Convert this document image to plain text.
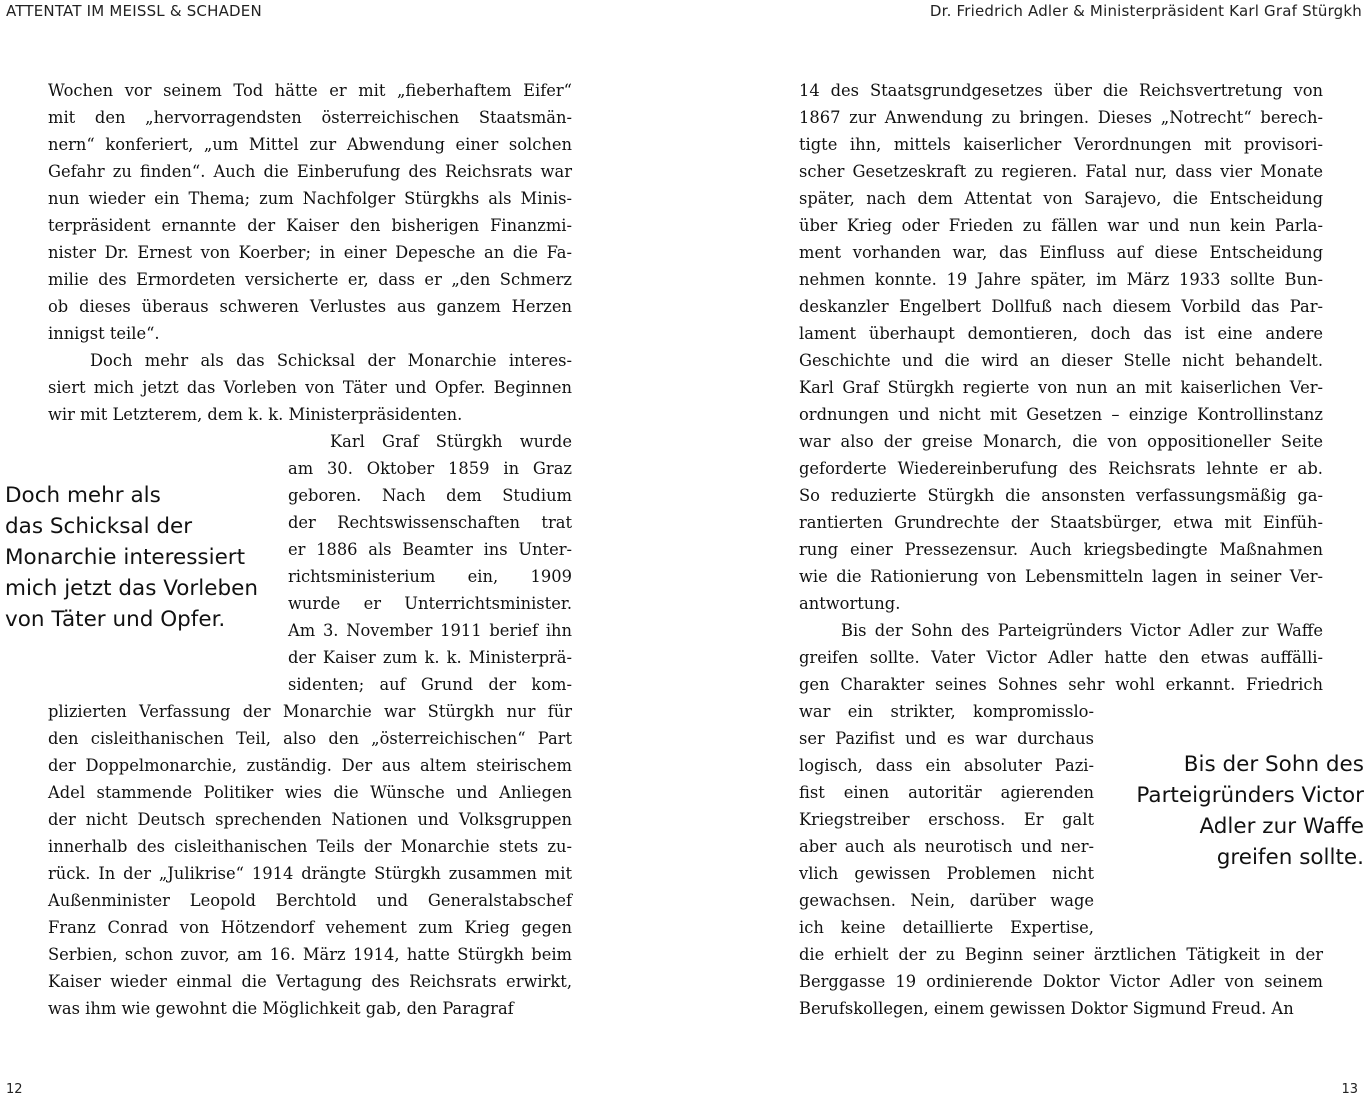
ATTENTAT IM MEISSL & SCHADEN	Dr. Friedrich Adler & Ministerpräsident Karl Graf Stürgkh
Wochen vor seinem Tod hätte er mit „fieberhaftem Eifer“
mit den „hervorragendsten österreichischen Staatsmän-
nern“ konferiert, „um Mittel zur Abwendung einer solchen
Gefahr zu finden“. Auch die Einberufung des Reichsrats war
nun wieder ein Thema; zum Nachfolger Stürgkhs als Minis-
terpräsident ernannte der Kaiser den bisherigen Finanzmi-
nister Dr. Ernest von Koerber; in einer Depesche an die Fa-
milie des Ermordeten versicherte er, dass er „den Schmerz
ob dieses überaus schweren Verlustes aus ganzem Herzen
innigst teile“.
Doch mehr als das Schicksal der Monarchie interes-
siert mich jetzt das Vorleben von Täter und Opfer. Beginnen
wir mit Letzterem, dem k. k. Ministerpräsidenten.
Karl Graf Stürgkh wurde
am 30. Oktober 1859 in Graz
geboren. Nach dem Studium
der Rechtswissenschaften trat
er 1886 als Beamter ins Unter-
richtsministerium ein, 1909
wurde er Unterrichtsminister.
Am 3. November 1911 berief ihn
der Kaiser zum k. k. Ministerprä-
sidenten; auf Grund der kom-
plizierten Verfassung der Monarchie war Stürgkh nur für
den cisleithanischen Teil, also den „österreichischen“ Part
der Doppelmonarchie, zuständig. Der aus altem steirischem
Adel stammende Politiker wies die Wünsche und Anliegen
der nicht Deutsch sprechenden Nationen und Volksgruppen
innerhalb des cisleithanischen Teils der Monarchie stets zu-
rück. In der „Julikrise“ 1914 drängte Stürgkh zusammen mit
Außenminister Leopold Berchtold und Generalstabschef
Franz Conrad von Hötzendorf vehement zum Krieg gegen
Serbien, schon zuvor, am 16. März 1914, hatte Stürgkh beim
Kaiser wieder einmal die Vertagung des Reichsrats erwirkt,
was ihm wie gewohnt die Möglichkeit gab, den Paragraf
14 des Staatsgrundgesetzes über die Reichsvertretung von
1867 zur Anwendung zu bringen. Dieses „Notrecht“ berech-
tigte ihn, mittels kaiserlicher Verordnungen mit provisori-
scher Gesetzeskraft zu regieren. Fatal nur, dass vier Monate
später, nach dem Attentat von Sarajevo, die Entscheidung
über Krieg oder Frieden zu fällen war und nun kein Parla-
ment vorhanden war, das Einfluss auf diese Entscheidung
nehmen konnte. 19 Jahre später, im März 1933 sollte Bun-
deskanzler Engelbert Dollfuß nach diesem Vorbild das Par-
lament überhaupt demontieren, doch das ist eine andere
Geschichte und die wird an dieser Stelle nicht behandelt.
Karl Graf Stürgkh regierte von nun an mit kaiserlichen Ver-
ordnungen und nicht mit Gesetzen – einzige Kontrollinstanz
war also der greise Monarch, die von oppositioneller Seite
geforderte Wiedereinberufung des Reichsrats lehnte er ab.
So reduzierte Stürgkh die ansonsten verfassungsmäßig ga-
rantierten Grundrechte der Staatsbürger, etwa mit Einfüh-
rung einer Pressezensur. Auch kriegsbedingte Maßnahmen
wie die Rationierung von Lebensmitteln lagen in seiner Ver-
antwortung.
Bis der Sohn des Parteigründers Victor Adler zur Waffe
greifen sollte. Vater Victor Adler hatte den etwas auffälli-
gen Charakter seines Sohnes sehr wohl erkannt. Friedrich
war ein strikter, kompromisslo-
ser Pazifist und es war durchaus
logisch, dass ein absoluter Pazi-
fist einen autoritär agierenden
Kriegstreiber erschoss. Er galt
aber auch als neurotisch und ner-
vlich gewissen Problemen nicht
gewachsen. Nein, darüber wage
ich keine detaillierte Expertise,
die erhielt der zu Beginn seiner ärztlichen Tätigkeit in der
Berggasse 19 ordinierende Doktor Victor Adler von seinem
Berufskollegen, einem gewissen Doktor Sigmund Freud. An
Doch mehr als
das Schicksal der
Monarchie interessiert
mich jetzt das Vorleben
von Täter und Opfer.
Bis der Sohn des
Parteigründers Victor
Adler zur Waffe
greifen sollte.
12	13
